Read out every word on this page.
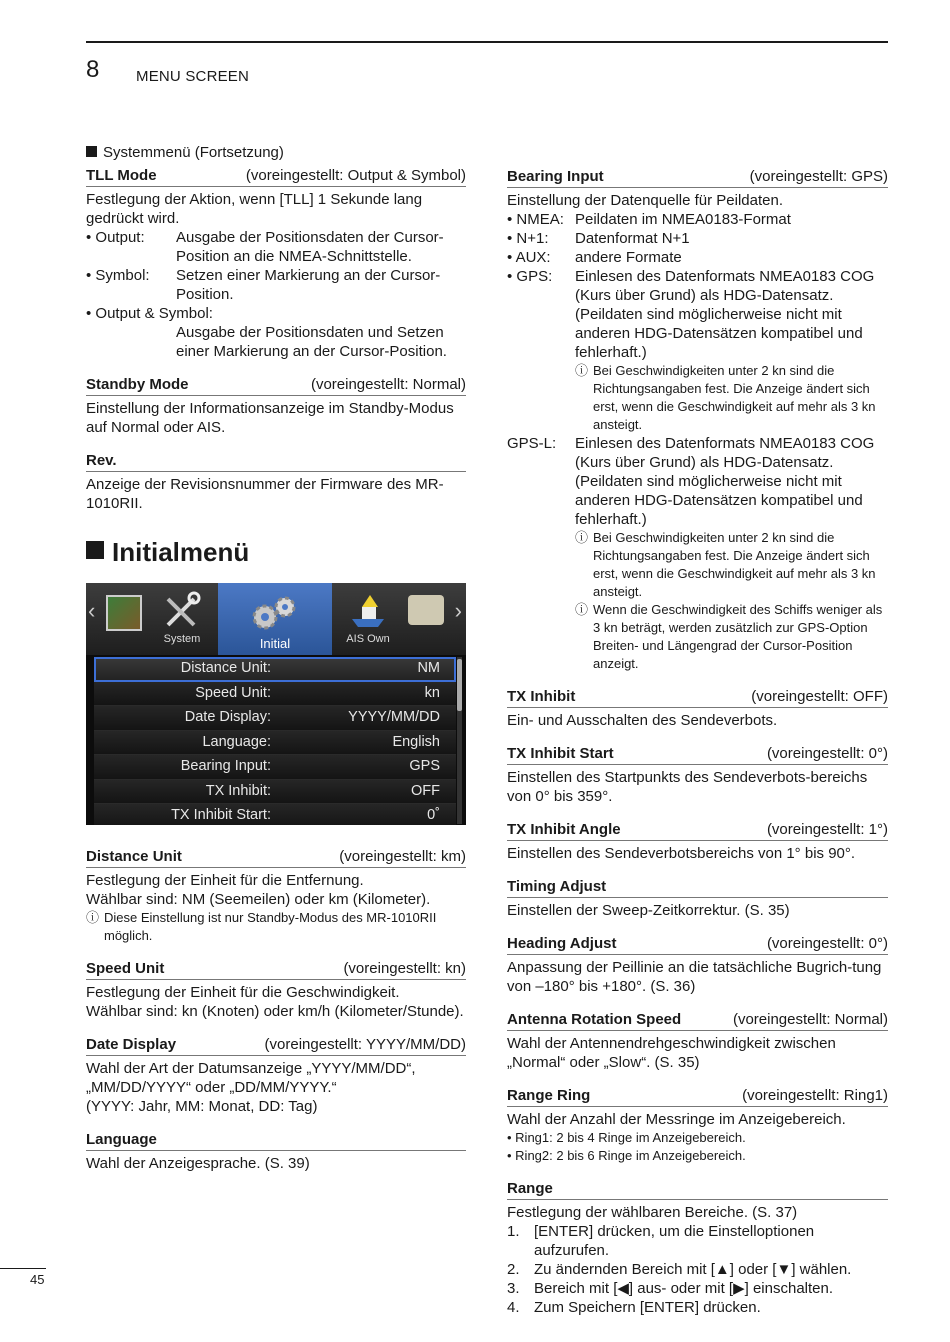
8 MENU SCREEN
Systemmenü (Fortsetzung)
TLL Mode	(voreingestellt: Output & Symbol)

Festlegung der Aktion, wenn [TLL] 1 Sekunde lang gedrückt wird.

• Output:	Ausgabe der Positionsdaten der Cursor-Position an die NMEA-Schnittstelle.
• Symbol:	Setzen einer Markierung an der Cursor-Position.
• Output & Symbol:
Ausgabe der Positionsdaten und Setzen einer Markierung an der Cursor-Position.
Standby Mode	(voreingestellt: Normal)

Einstellung der Informationsanzeige im Standby-Modus auf Normal oder AIS.

Rev.

Anzeige der Revisionsnummer der Firmware des MR-1010RII.

Initialmenü
‹
System	Initial	AIS Own
›
Distance Unit:	NM
Speed Unit:	kn
Date Display:	YYYY/MM/DD
Language:	English
Bearing Input:	GPS
TX Inhibit:	OFF
TX Inhibit Start:	0˚
Distance Unit	(voreingestellt: km)

Festlegung der Einheit für die Entfernung.

Wählbar sind: NM (Seemeilen) oder km (Kilometer).
ⓘ Diese Einstellung ist nur Standby-Modus des MR-1010RII möglich.
Speed Unit	(voreingestellt: kn)

Festlegung der Einheit für die Geschwindigkeit.

Wählbar sind: kn (Knoten) oder km/h (Kilometer/Stunde).
Date Display	(voreingestellt: YYYY/MM/DD)

Wahl der Art der Datumsanzeige „YYYY/MM/DD“, „MM/DD/YYYY“ oder „DD/MM/YYYY.“

(YYYY: Jahr, MM: Monat, DD: Tag)
Language

Wahl der Anzeigesprache. (S. 39)

Bearing Input	(voreingestellt: GPS)

Einstellung der Datenquelle für Peildaten.

• NMEA: Peildaten im NMEA0183-Format
• N+1:	Datenformat N+1
• AUX:	andere Formate
• GPS:	Einlesen des Datenformats NMEA0183 COG (Kurs über Grund) als HDG-Datensatz. (Peildaten sind möglicherweise nicht mit anderen HDG-Datensätzen kompatibel und fehlerhaft.)
ⓘ Bei Geschwindigkeiten unter 2 kn sind die Richtungsangaben fest. Die Anzeige ändert sich erst, wenn die Geschwindigkeit auf mehr als 3 kn ansteigt.
GPS-L:	Einlesen des Datenformats NMEA0183 COG (Kurs über Grund) als HDG-Datensatz. (Peildaten sind möglicherweise nicht mit anderen HDG-Datensätzen kompatibel und fehlerhaft.)
ⓘ Bei Geschwindigkeiten unter 2 kn sind die Richtungsangaben fest. Die Anzeige ändert sich erst, wenn die Geschwindigkeit auf mehr als 3 kn ansteigt.
ⓘ Wenn die Geschwindigkeit des Schiffs weniger als 3 kn beträgt, werden zusätzlich zur GPS-Option Breiten- und Längengrad der Cursor-Position anzeigt.
TX Inhibit	(voreingestellt: OFF)

Ein- und Ausschalten des Sendeverbots.

TX Inhibit Start	(voreingestellt: 0°)

Einstellen des Startpunkts des Sendeverbots-bereichs von 0° bis 359°.

TX Inhibit Angle	(voreingestellt: 1°)

Einstellen des Sendeverbotsbereichs von 1° bis 90°.

Timing Adjust

Einstellen der Sweep-Zeitkorrektur. (S. 35)

Heading Adjust	(voreingestellt: 0°)

Anpassung der Peillinie an die tatsächliche Bugrich-tung von –180° bis +180°. (S. 36)

Antenna Rotation Speed	(voreingestellt: Normal)

Wahl der Antennendrehgeschwindigkeit zwischen „Normal“ oder „Slow“. (S. 35)

Range Ring	(voreingestellt: Ring1)

Wahl der Anzahl der Messringe im Anzeigebereich.

• Ring1: 2 bis 4 Ringe im Anzeigebereich.
• Ring2: 2 bis 6 Ringe im Anzeigebereich.
Range

Festlegung der wählbaren Bereiche. (S. 37)

1. [ENTER] drücken, um die Einstelloptionen aufzurufen.
2. Zu ändernden Bereich mit [▲] oder [▼] wählen.
3. Bereich mit [◀] aus- oder mit [▶] einschalten.
4. Zum Speichern [ENTER] drücken.
45
